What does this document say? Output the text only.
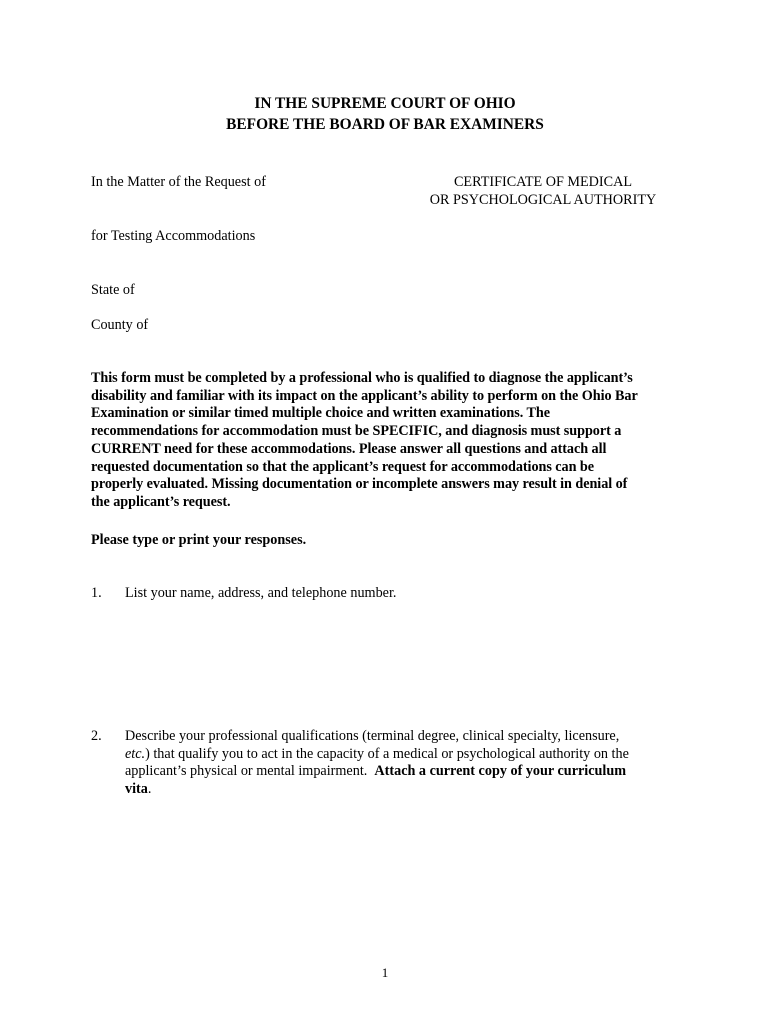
IN THE SUPREME COURT OF OHIO
BEFORE THE BOARD OF BAR EXAMINERS
In the Matter of the Request of	CERTIFICATE OF MEDICAL
OR PSYCHOLOGICAL AUTHORITY
for Testing Accommodations
State of
County of
This form must be completed by a professional who is qualified to diagnose the applicant’s
disability and familiar with its impact on the applicant’s ability to perform on the Ohio Bar
Examination or similar timed multiple choice and written examinations. The
recommendations for accommodation must be SPECIFIC, and diagnosis must support a
CURRENT need for these accommodations. Please answer all questions and attach all
requested documentation so that the applicant’s request for accommodations can be
properly evaluated. Missing documentation or incomplete answers may result in denial of
the applicant’s request.
Please type or print your responses.
1. List your name, address, and telephone number.
2. Describe your professional qualifications (terminal degree, clinical specialty, licensure,
etc.) that qualify you to act in the capacity of a medical or psychological authority on the
applicant’s physical or mental impairment.  Attach a current copy of your curriculum
vita.
1
